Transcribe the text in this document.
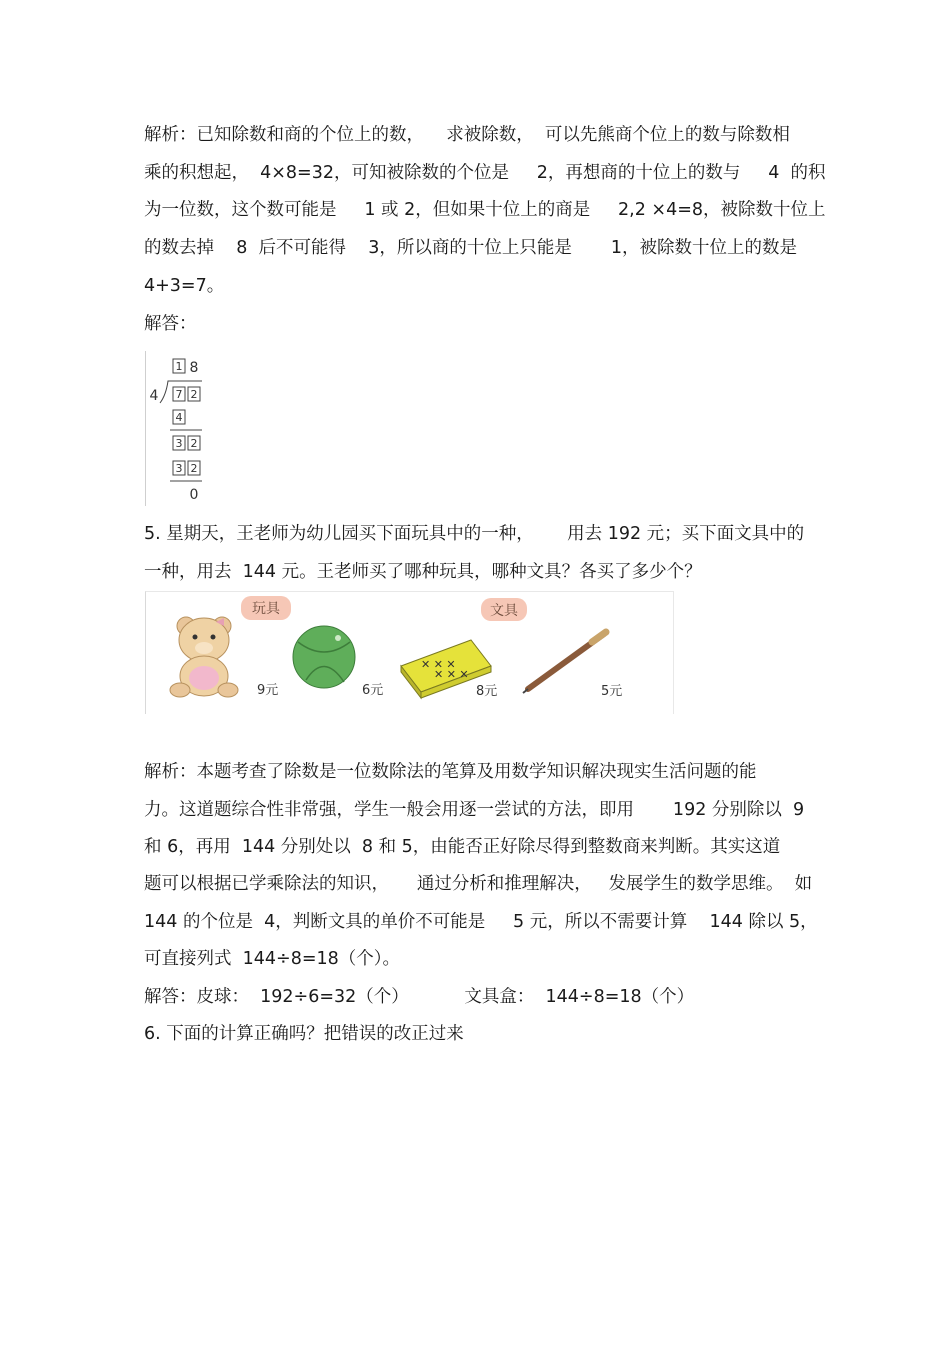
解析：已知除数和商的个位上的数，    求被除数，  可以先熊商个位上的数与除数相
乘的积想起，  4×8=32，可知被除数的个位是     2，再想商的十位上的数与     4  的积
为一位数，这个数可能是     1 或 2，但如果十位上的商是     2,2 ×4=8，被除数十位上
的数去掉    8  后不可能得    3，所以商的十位上只能是       1，被除数十位上的数是
4+3=7。
解答：
1 8
4 7 2
4
3 2
3 2
0
5. 星期天，王老师为幼儿园买下面玩具中的一种，      用去 192 元；买下面文具中的
一种，用去  144 元。王老师买了哪种玩具，哪种文具？各买了多少个？
玩具	文具
9元	6元
✕ ✕ ✕
✕ ✕ ✕
8元	5元
解析：本题考查了除数是一位数除法的笔算及用数学知识解决现实生活问题的能
力。这道题综合性非常强，学生一般会用逐一尝试的方法，即用       192 分别除以  9
和 6，再用  144 分别处以  8 和 5，由能否正好除尽得到整数商来判断。其实这道
题可以根据已学乘除法的知识，     通过分析和推理解决，   发展学生的数学思维。  如
144 的个位是  4，判断文具的单价不可能是     5 元，所以不需要计算    144 除以 5，
可直接列式  144÷8=18（个）。
解答：皮球：  192÷6=32（个）          文具盒：  144÷8=18（个）
6. 下面的计算正确吗？把错误的改正过来
